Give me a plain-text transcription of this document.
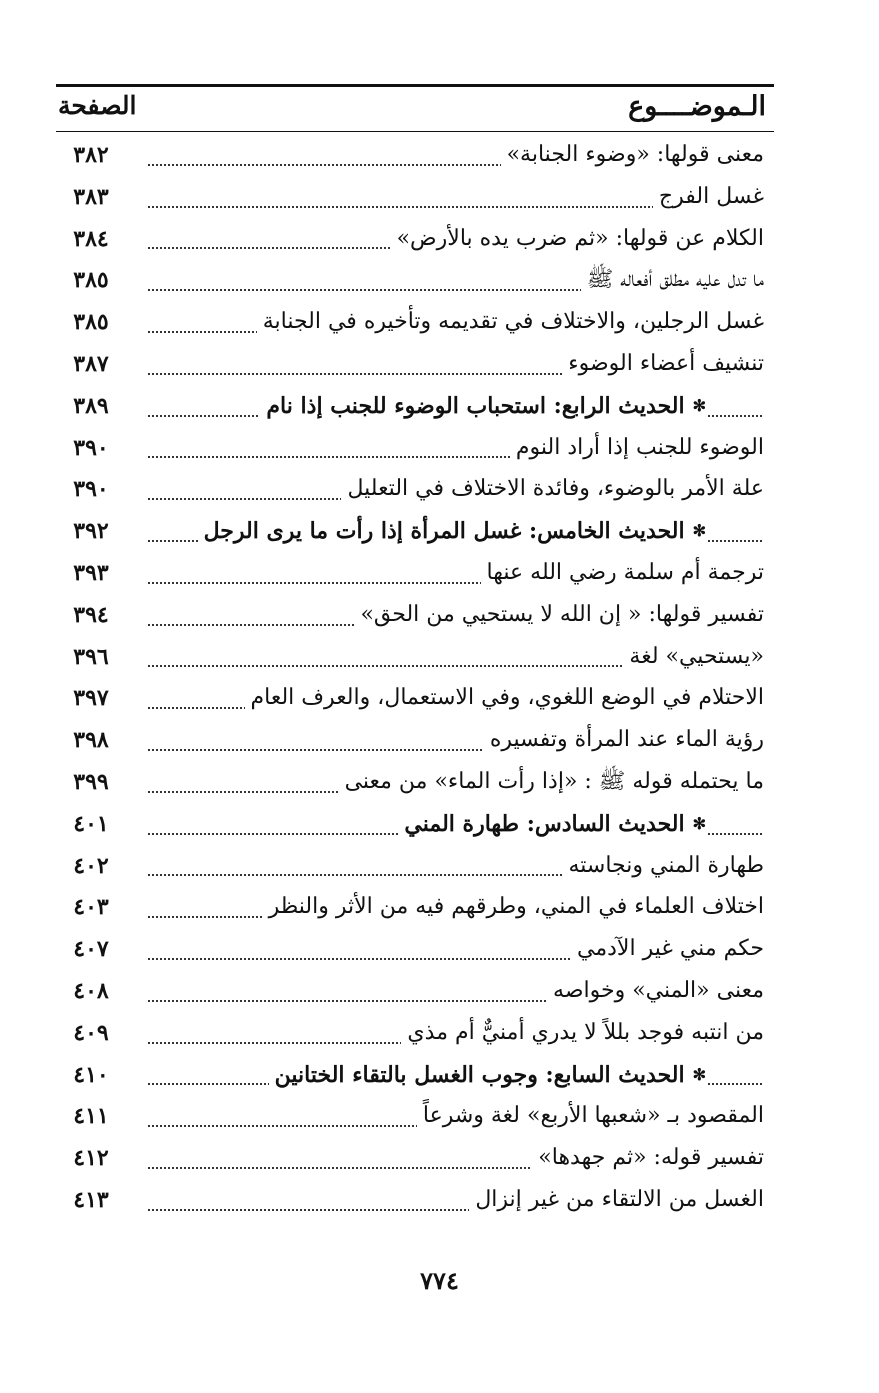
الـموضــــوع
الصفحة
معنى قولها: «وضوء الجنابة»
٣٨٢
غسل الفرج
٣٨٣
الكلام عن قولها: «ثم ضرب يده بالأرض»
٣٨٤
ما تدل عليه مطلق أفعاله ﷺ
٣٨٥
غسل الرجلين، والاختلاف في تقديمه وتأخيره في الجنابة
٣٨٥
تنشيف أعضاء الوضوء
٣٨٧
✻ الحديث الرابع: استحباب الوضوء للجنب إذا نام
٣٨٩
الوضوء للجنب إذا أراد النوم
٣٩٠
علة الأمر بالوضوء، وفائدة الاختلاف في التعليل
٣٩٠
✻ الحديث الخامس: غسل المرأة إذا رأت ما يرى الرجل
٣٩٢
ترجمة أم سلمة رضي الله عنها
٣٩٣
تفسير قولها: « إن الله لا يستحيي من الحق»
٣٩٤
«يستحيي» لغة
٣٩٦
الاحتلام في الوضع اللغوي، وفي الاستعمال، والعرف العام
٣٩٧
رؤية الماء عند المرأة وتفسيره
٣٩٨
ما يحتمله قوله ﷺ : «إذا رأت الماء» من معنى
٣٩٩
✻ الحديث السادس: طهارة المني
٤٠١
طهارة المني ونجاسته
٤٠٢
اختلاف العلماء في المني، وطرقهم فيه من الأثر والنظر
٤٠٣
حكم مني غير الآدمي
٤٠٧
معنى «المني» وخواصه
٤٠٨
من انتبه فوجد بللاً لا يدري أمنيٌّ أم مذي
٤٠٩
✻ الحديث السابع: وجوب الغسل بالتقاء الختانين
٤١٠
المقصود بـ «شعبها الأربع» لغة وشرعاً
٤١١
تفسير قوله: «ثم جهدها»
٤١٢
الغسل من الالتقاء من غير إنزال
٤١٣
٧٧٤
